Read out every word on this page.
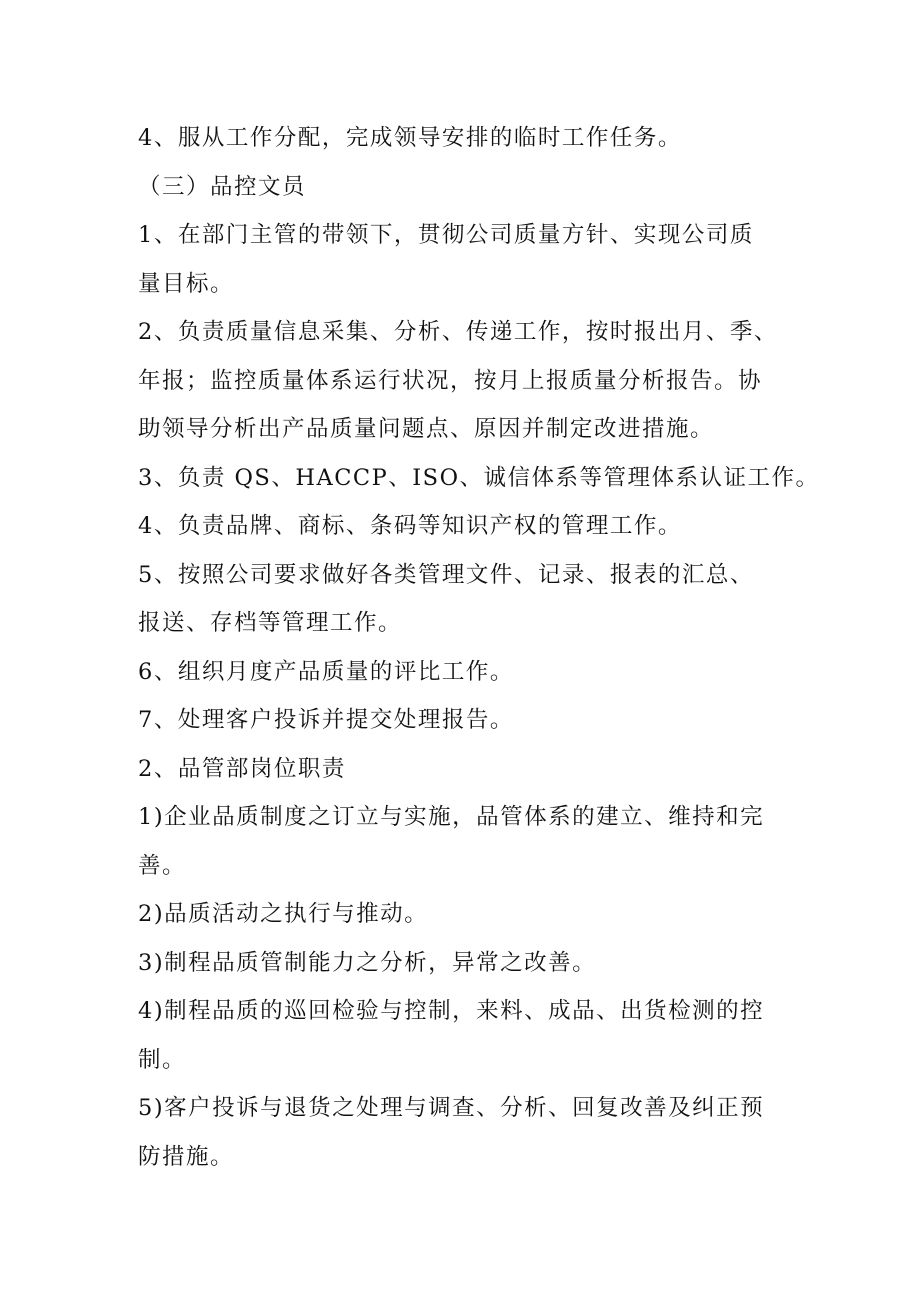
4、服从工作分配，完成领导安排的临时工作任务。
（三）品控文员
1、在部门主管的带领下，贯彻公司质量方针、实现公司质
量目标。
2、负责质量信息采集、分析、传递工作，按时报出月、季、
年报；监控质量体系运行状况，按月上报质量分析报告。协
助领导分析出产品质量问题点、原因并制定改进措施。
3、负责 QS、HACCP、ISO、诚信体系等管理体系认证工作。
4、负责品牌、商标、条码等知识产权的管理工作。
5、按照公司要求做好各类管理文件、记录、报表的汇总、
报送、存档等管理工作。
6、组织月度产品质量的评比工作。
7、处理客户投诉并提交处理报告。
2、品管部岗位职责
1)企业品质制度之订立与实施，品管体系的建立、维持和完
善。
2)品质活动之执行与推动。
3)制程品质管制能力之分析，异常之改善。
4)制程品质的巡回检验与控制，来料、成品、出货检测的控
制。
5)客户投诉与退货之处理与调查、分析、回复改善及纠正预
防措施。
